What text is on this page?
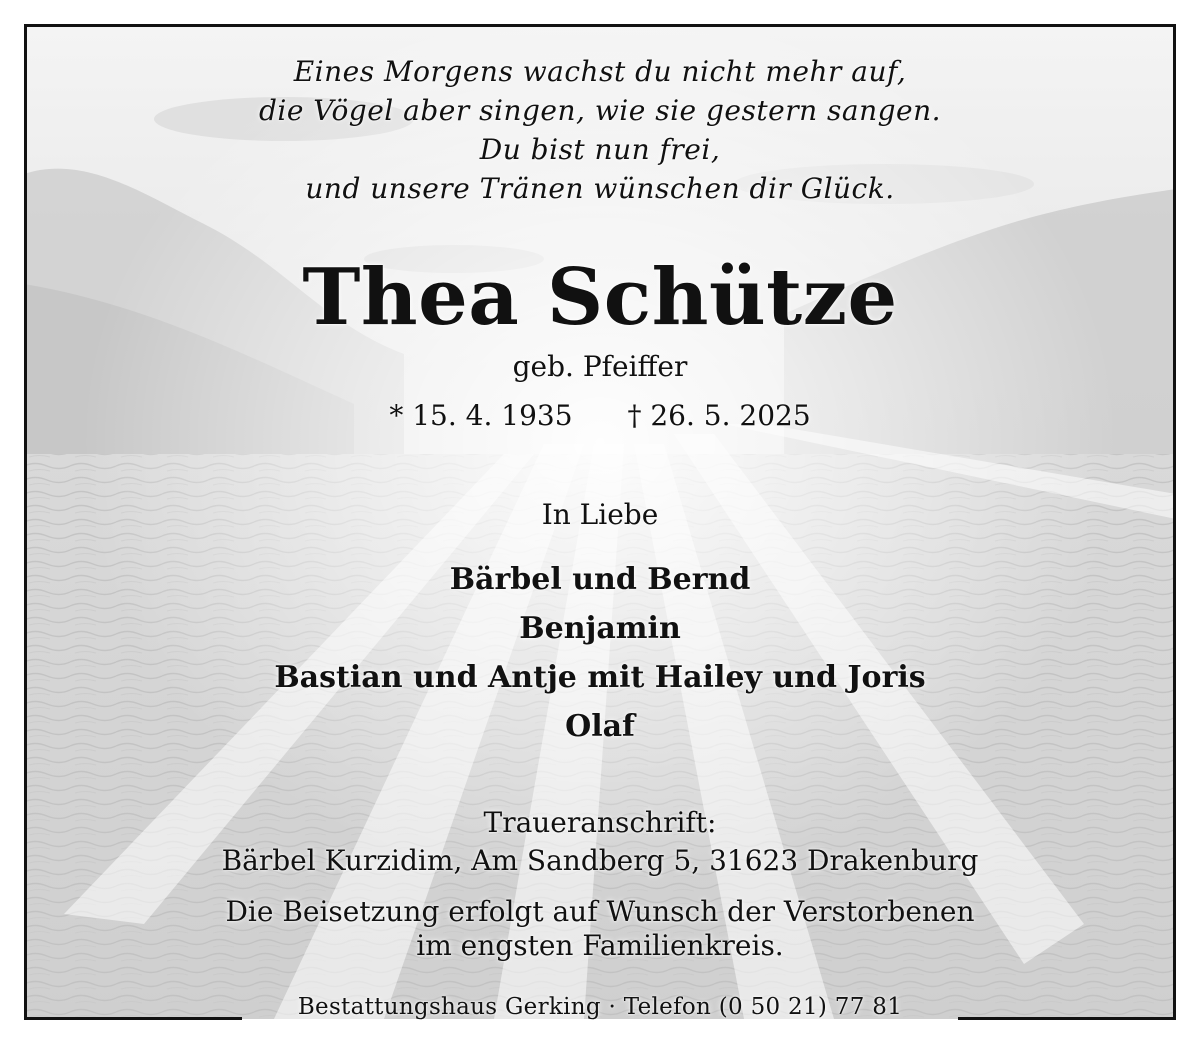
Eines Morgens wachst du nicht mehr auf,
die Vögel aber singen, wie sie gestern sangen.
Du bist nun frei,
und unsere Tränen wünschen dir Glück.
Thea Schütze
geb. Pfeiffer
* 15. 4. 1935 † 26. 5. 2025
In Liebe
Bärbel und Bernd
Benjamin
Bastian und Antje mit Hailey und Joris
Olaf
Traueranschrift:
Bärbel Kurzidim, Am Sandberg 5, 31623 Drakenburg
Die Beisetzung erfolgt auf Wunsch der Verstorbenen
im engsten Familienkreis.
Bestattungshaus Gerking · Telefon (0 50 21) 77 81
